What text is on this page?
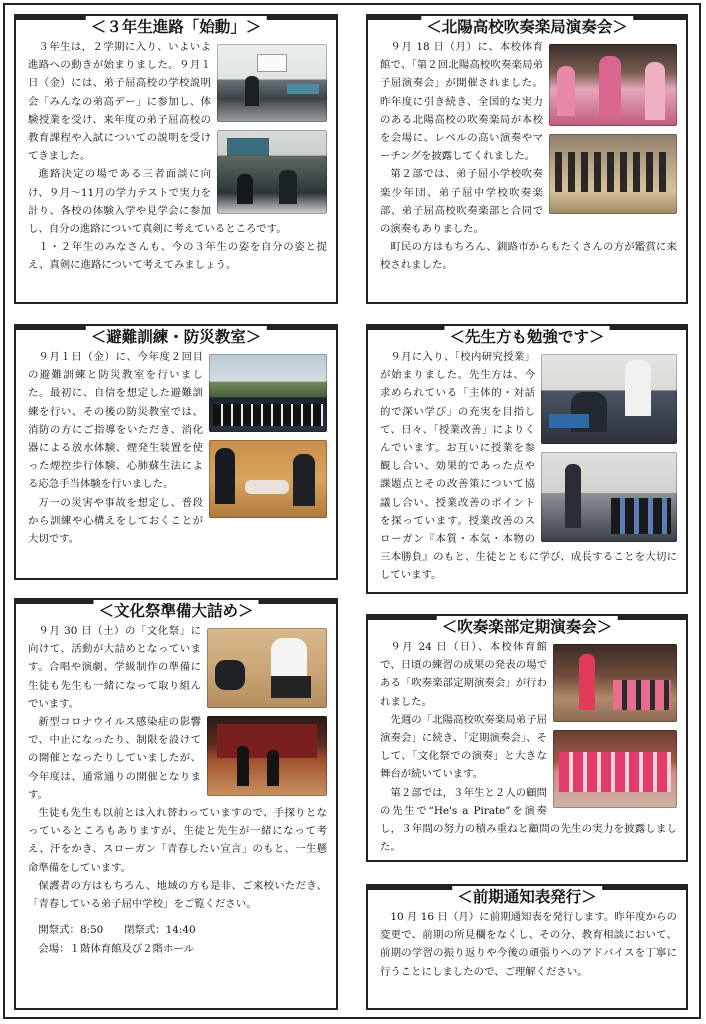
＜３年生進路「始動」＞

３年生は，２学期に入り、いよいよ進路への動きが始まりました。９月１日（金）には、弟子屈高校の学校説明会「みんなの弟高デー」に参加し、体験授業を受け、来年度の弟子屈高校の教育課程や入試についての説明を受けてきました。

進路決定の場である三者面談に向け、９月～11月の学力テストで実力を計り、各校の体験入学や見学会に参加し、自分の進路について真剣に考えているところです。

１・２年生のみなさんも、今の３年生の姿を自分の姿と捉え、真剣に進路について考えてみましょう。

＜北陽高校吹奏楽局演奏会＞

９月 18 日（月）に、本校体育館で、「第２回北陽高校吹奏楽局弟子屈演奏会」が開催されました。昨年度に引き続き、全国的な実力のある北陽高校の吹奏楽局が本校を会場に、レベルの高い演奏やマーチングを披露してくれました。

第２部では、弟子屈小学校吹奏楽少年団、弟子屈中学校吹奏楽部、弟子屈高校吹奏楽部と合同での演奏もありました。

町民の方はもちろん、釧路市からもたくさんの方が鑑賞に来校されました。

＜避難訓練・防災教室＞

９月１日（金）に、今年度２回目の避難訓練と防災教室を行いました。最初に、自信を想定した避難訓練を行い、その後の防災教室では、消防の方にご指導をいただき、消化器による放水体験、煙発生装置を使った煙控歩行体験、心肺蘇生法による応急手当体験を行いました。

万一の災害や事故を想定し、普段から訓練や心構えをしておくことが大切です。

＜先生方も勉強です＞

９月に入り、「校内研究授業」が始まりました。先生方は、今求められている「主体的・対話的で深い学び」の充実を目指して、日々、「授業改善」によりくんでいます。お互いに授業を参観し合い、効果的であった点や課題点とその改善策について協議し合い、授業改善のポイントを探っています。授業改善のスローガン『本質・本気・本物の三本勝負』のもと、生徒とともに学び、成長することを大切にしています。

＜文化祭準備大詰め＞

９月 30 日（土）の「文化祭」に向けて、活動が大詰めとなっています。合唱や演劇、学級制作の準備に生徒も先生も一緒になって取り組んでいます。

新型コロナウイルス感染症の影響で、中止になったり、制限を設けての開催となったりしていましたが、今年度は、通常通りの開催となります。

生徒も先生も以前とは入れ替わっていますので、手探りとなっているところもありますが、生徒と先生が一緒になって考え、汗をかき、スローガン「青春したい宣言」のもと、一生懸命準備をしています。

保護者の方はもちろん、地域の方も是非、ご来校いただき、「青春している弟子屈中学校」をご覧ください。

開祭式：8:50　　閉祭式：14:40
会場：１階体育館及び２階ホール
＜吹奏楽部定期演奏会＞

９月 24 日（日）、本校体育館で、日頃の練習の成果の発表の場である「吹奏楽部定期演奏会」が行われました。

先週の「北陽高校吹奏楽局弟子屈演奏会」に続き、「定期演奏会」、そして、「文化祭での演奏」と大きな舞台が続いています。

第２部では，３年生と２人の顧問の先生で“He's a Pirate”を演奏し，３年間の努力の積み重ねと顧問の先生の実力を披露しました。

＜前期通知表発行＞

10 月 16 日（月）に前期通知表を発行します。昨年度からの変更で、前期の所見欄をなくし、その分、教育相談において、前期の学習の振り返りや今後の頑張りへのアドバイスを丁寧に行うことにしましたので、ご理解ください。
